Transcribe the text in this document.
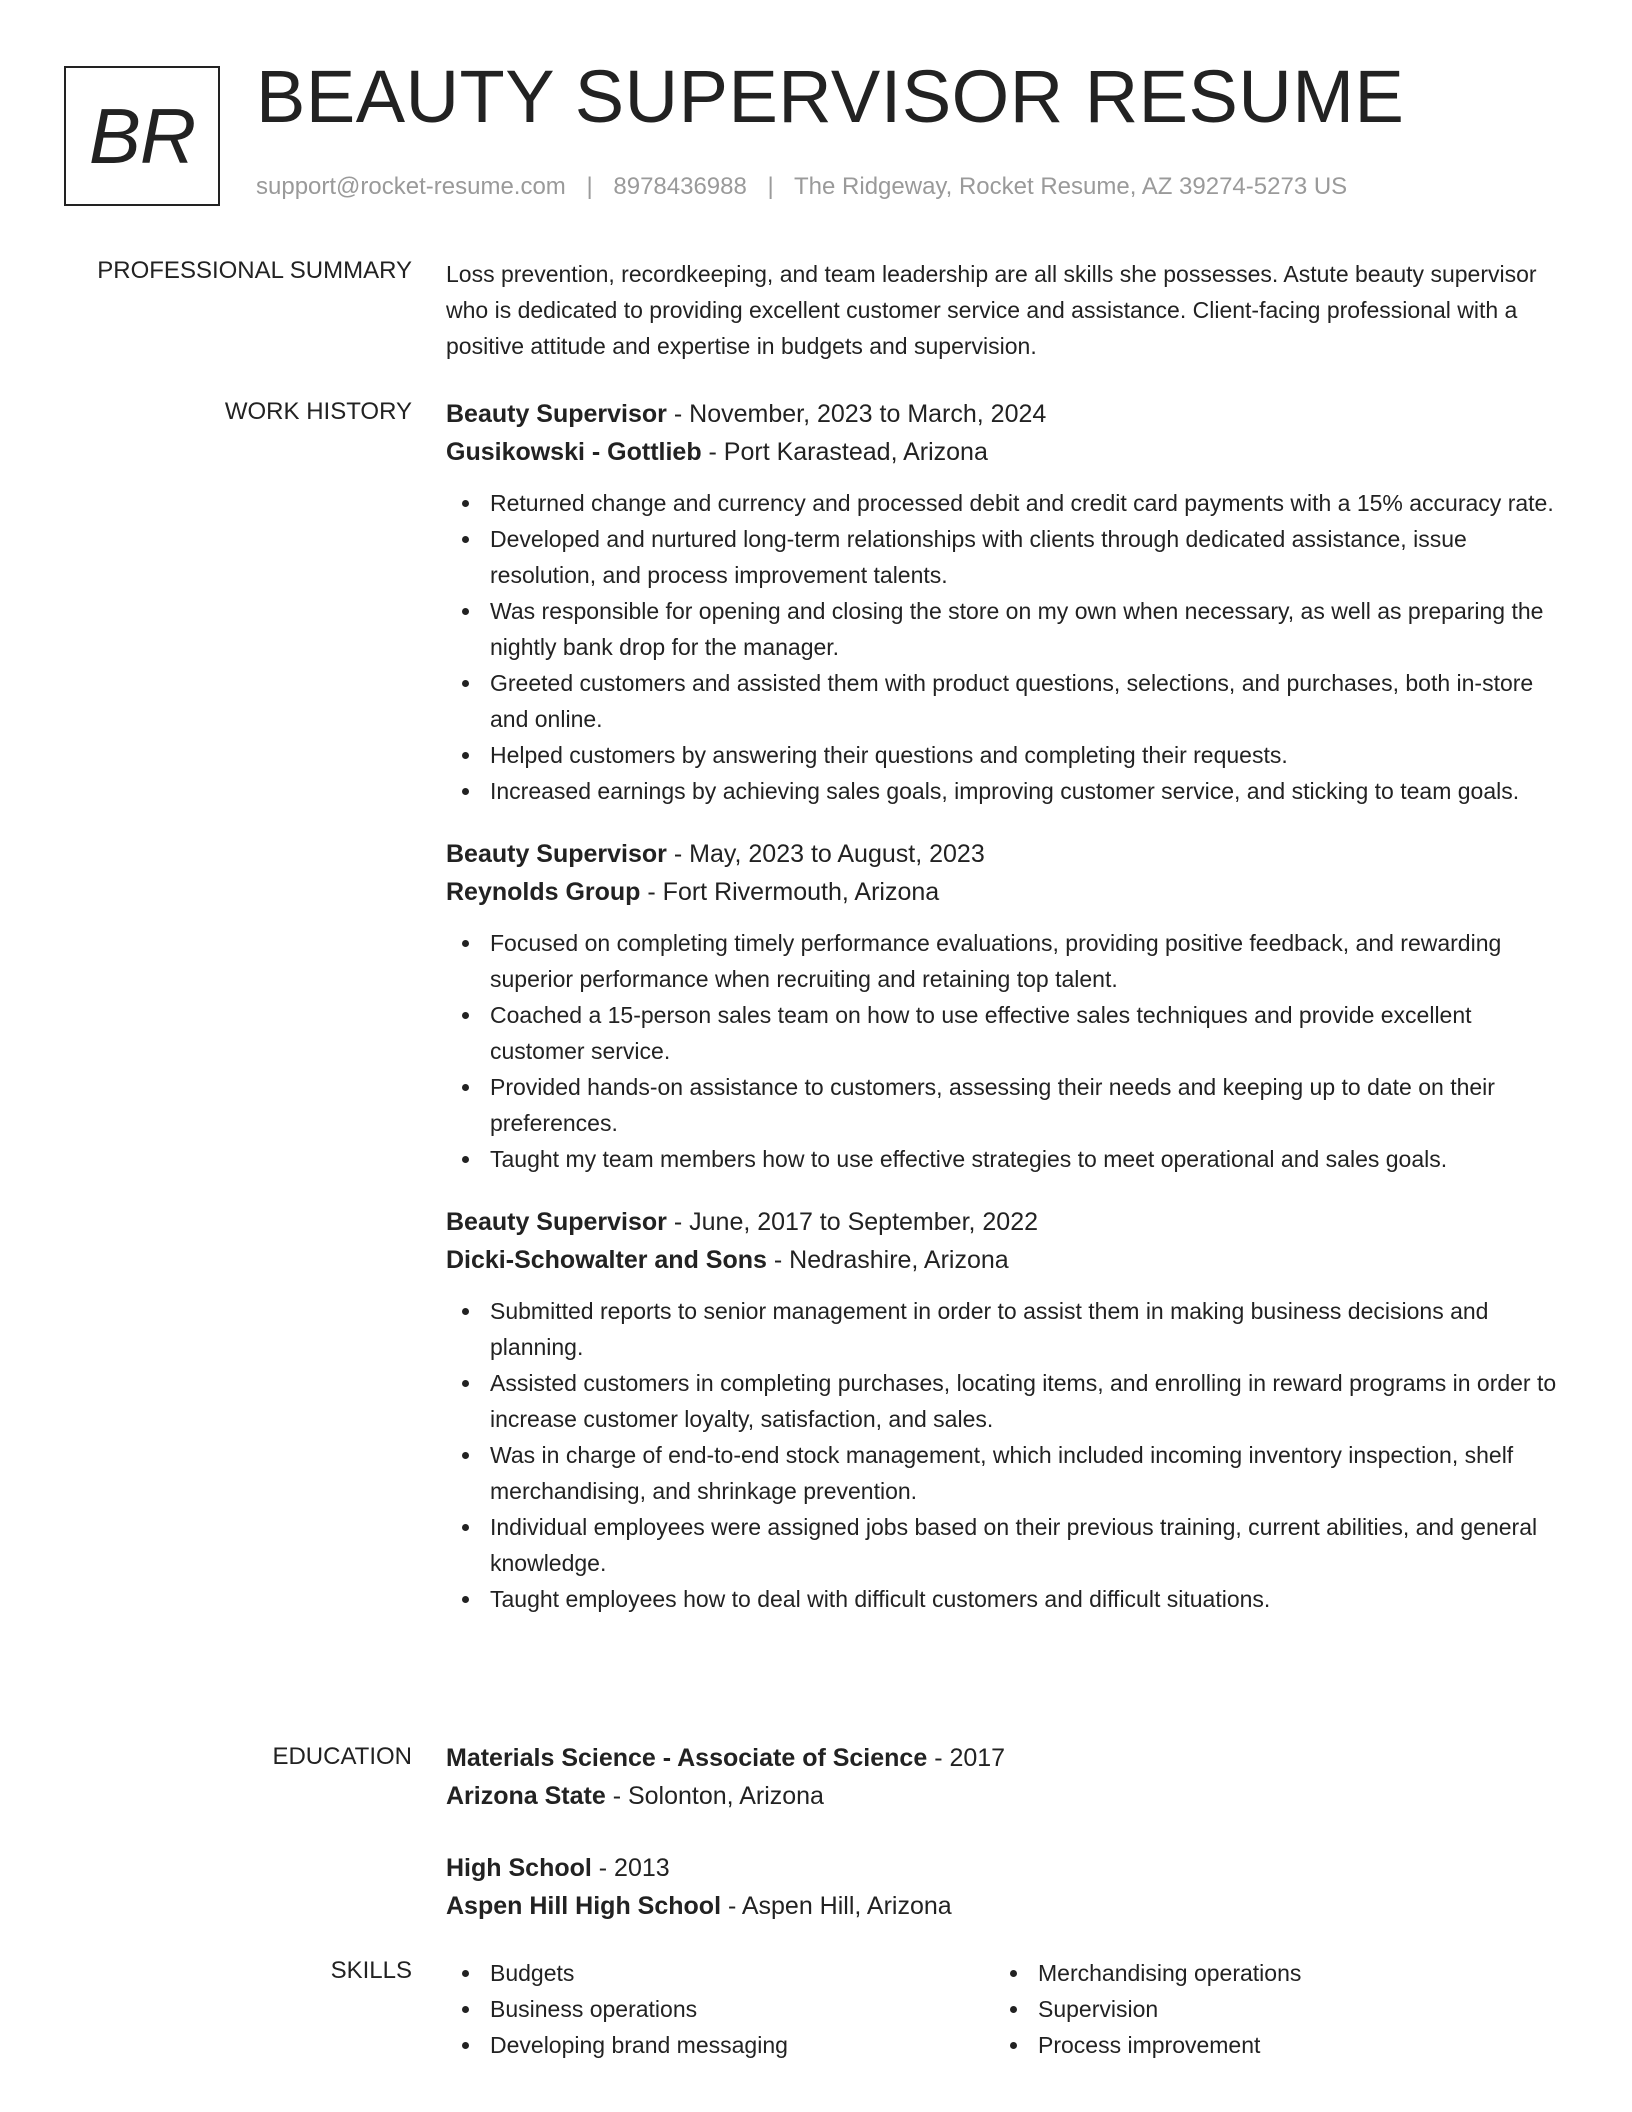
BR BEAUTY SUPERVISOR RESUME
support@rocket-resume.com | 8978436988 | The Ridgeway, Rocket Resume, AZ 39274-5273 US
PROFESSIONAL SUMMARY Loss prevention, recordkeeping, and team leadership are all skills she possesses. Astute beauty supervisor who is dedicated to providing excellent customer service and assistance. Client-facing professional with a positive attitude and expertise in budgets and supervision.

WORK HISTORY Beauty Supervisor - November, 2023 to March, 2024
Gusikowski - Gottlieb - Port Karastead, Arizona
Returned change and currency and processed debit and credit card payments with a 15% accuracy rate.
Developed and nurtured long-term relationships with clients through dedicated assistance, issue resolution, and process improvement talents.
Was responsible for opening and closing the store on my own when necessary, as well as preparing the nightly bank drop for the manager.
Greeted customers and assisted them with product questions, selections, and purchases, both in-store and online.
Helped customers by answering their questions and completing their requests.
Increased earnings by achieving sales goals, improving customer service, and sticking to team goals.
Beauty Supervisor - May, 2023 to August, 2023
Reynolds Group - Fort Rivermouth, Arizona
Focused on completing timely performance evaluations, providing positive feedback, and rewarding superior performance when recruiting and retaining top talent.
Coached a 15-person sales team on how to use effective sales techniques and provide excellent customer service.
Provided hands-on assistance to customers, assessing their needs and keeping up to date on their preferences.
Taught my team members how to use effective strategies to meet operational and sales goals.
Beauty Supervisor - June, 2017 to September, 2022
Dicki-Schowalter and Sons - Nedrashire, Arizona
Submitted reports to senior management in order to assist them in making business decisions and planning.
Assisted customers in completing purchases, locating items, and enrolling in reward programs in order to increase customer loyalty, satisfaction, and sales.
Was in charge of end-to-end stock management, which included incoming inventory inspection, shelf merchandising, and shrinkage prevention.
Individual employees were assigned jobs based on their previous training, current abilities, and general knowledge.
Taught employees how to deal with difficult customers and difficult situations.
EDUCATION Materials Science - Associate of Science - 2017
Arizona State - Solonton, Arizona
High School - 2013
Aspen Hill High School - Aspen Hill, Arizona
SKILLS	Budgets
Business operations
Developing brand messaging
Merchandising operations
Supervision
Process improvement
